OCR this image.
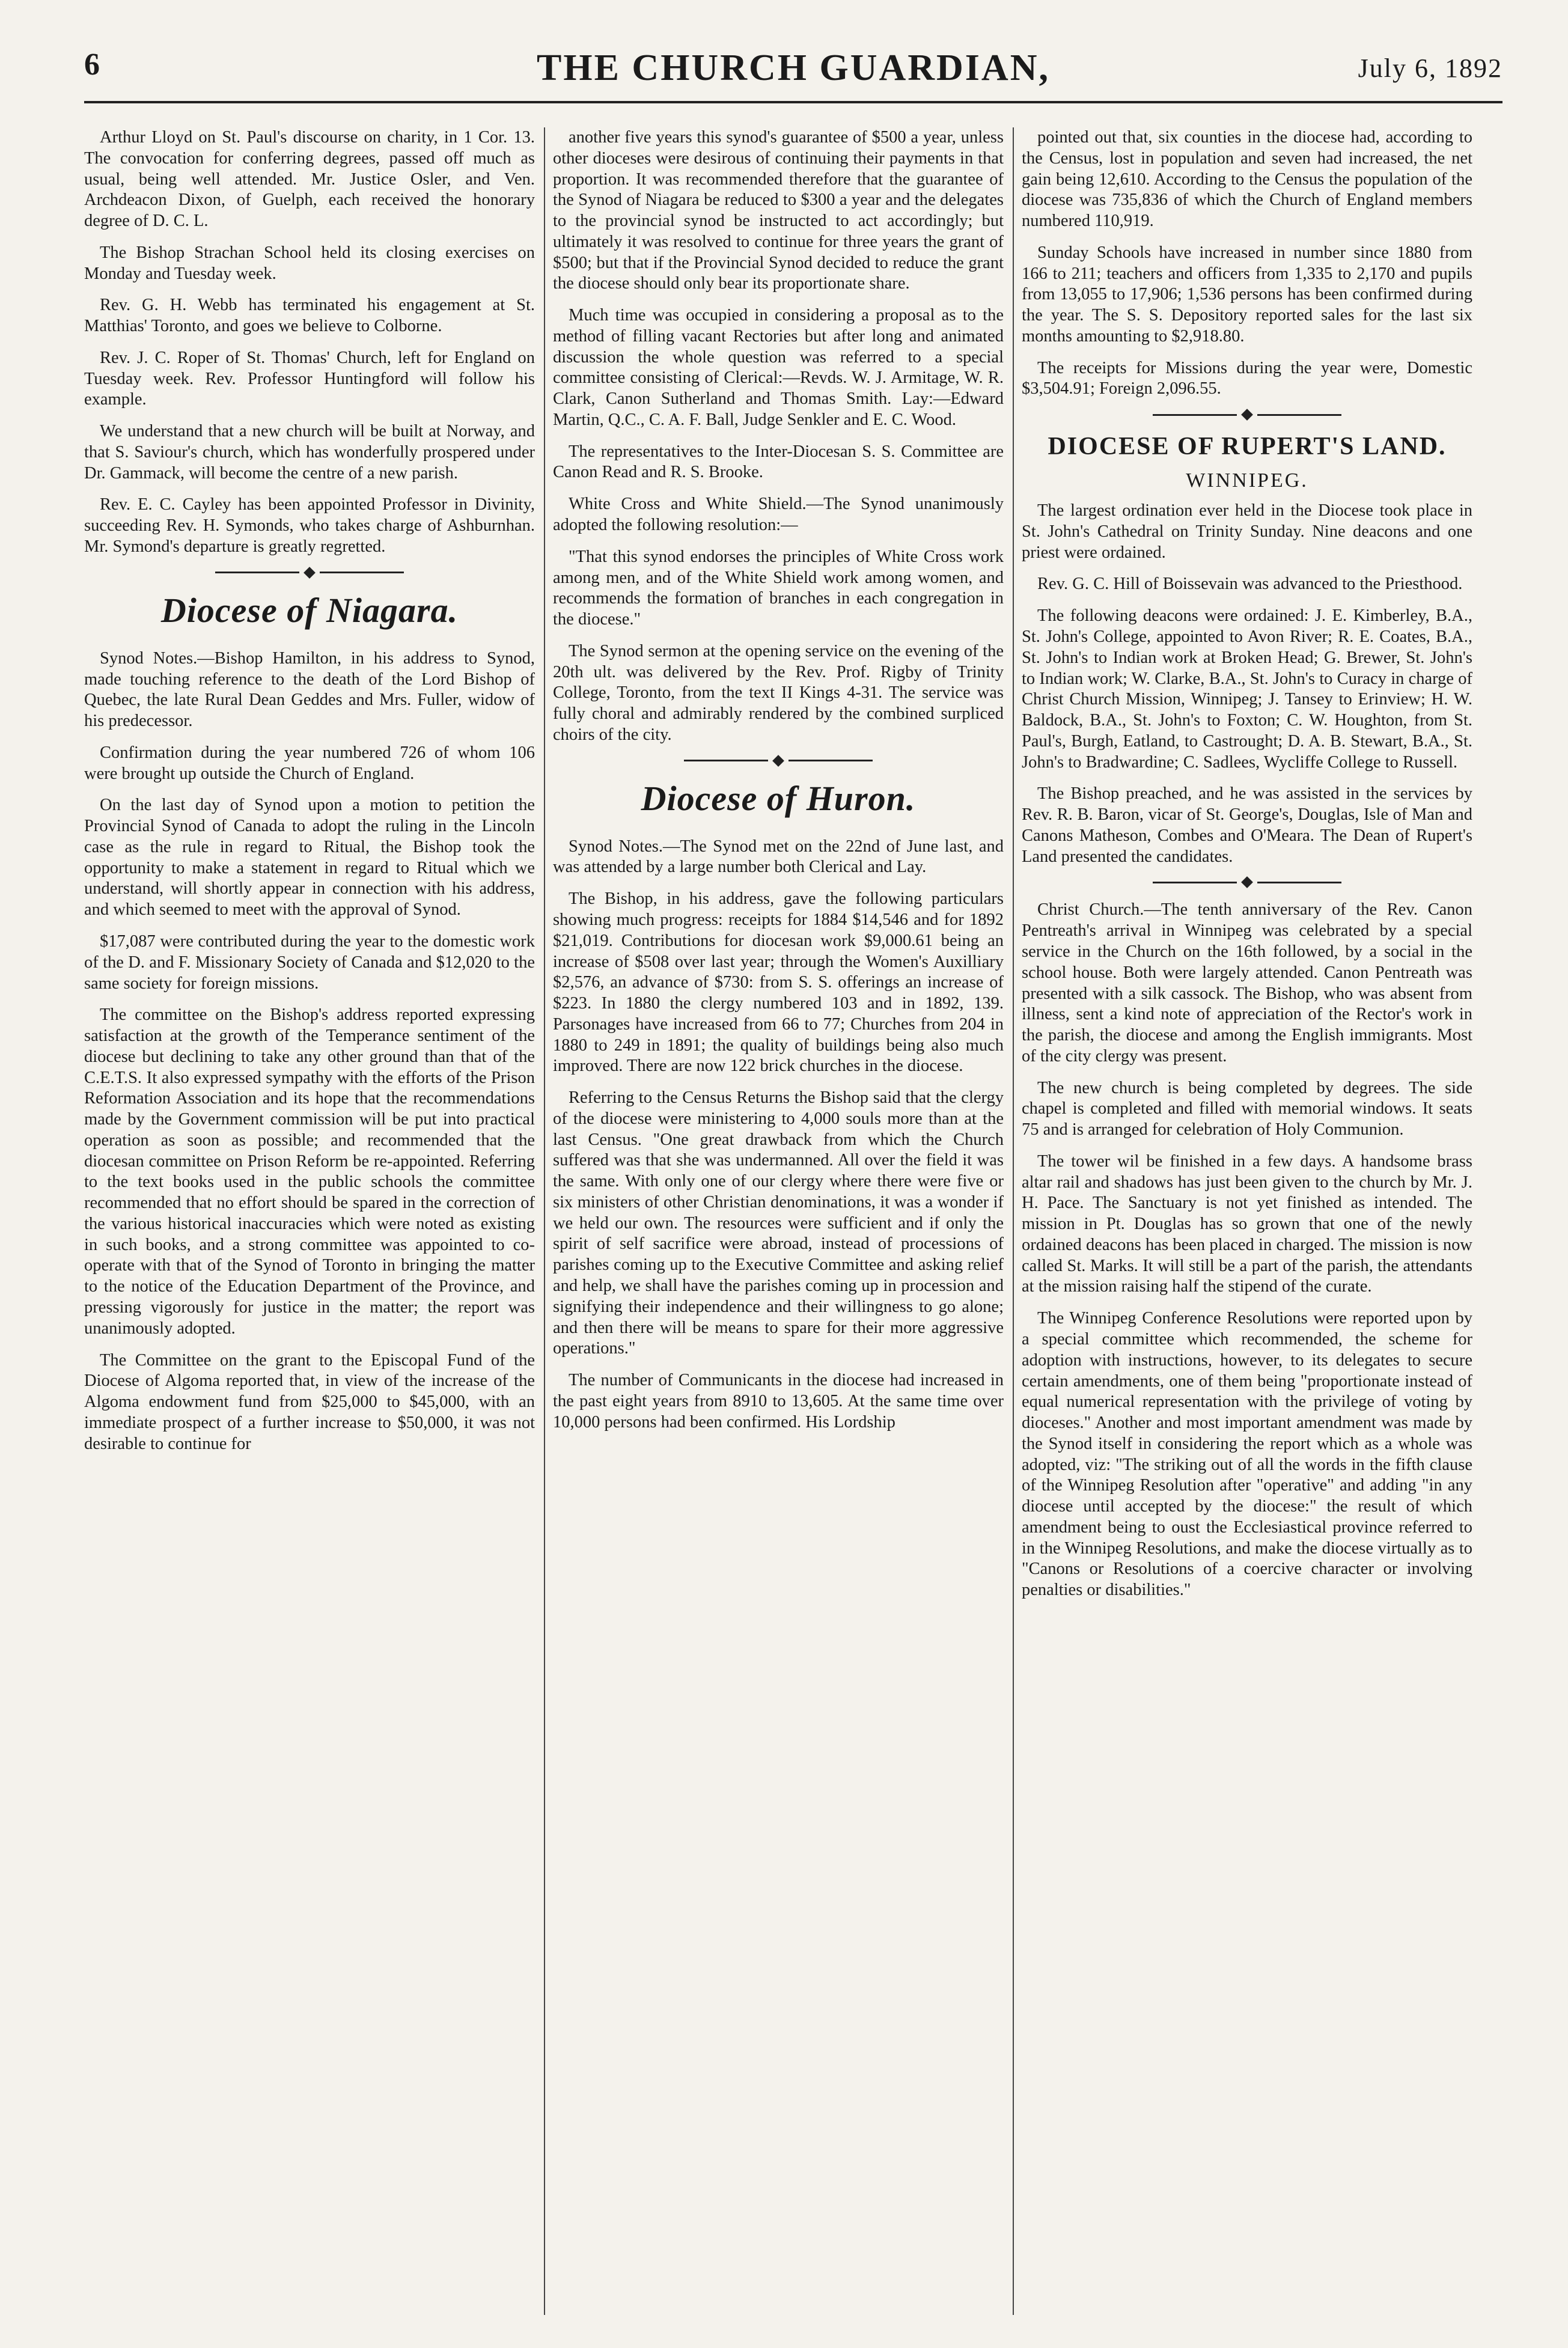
6	THE CHURCH GUARDIAN,	July 6, 1892

Arthur Lloyd on St. Paul's discourse on charity, in 1 Cor. 13. The convocation for conferring degrees, passed off much as usual, being well attended. Mr. Justice Osler, and Ven. Archdeacon Dixon, of Guelph, each received the honorary degree of D. C. L.

The Bishop Strachan School held its closing exercises on Monday and Tuesday week.

Rev. G. H. Webb has terminated his engagement at St. Matthias' Toronto, and goes we believe to Colborne.

Rev. J. C. Roper of St. Thomas' Church, left for England on Tuesday week. Rev. Professor Huntingford will follow his example.

We understand that a new church will be built at Norway, and that S. Saviour's church, which has wonderfully prospered under Dr. Gammack, will become the centre of a new parish.

Rev. E. C. Cayley has been appointed Professor in Divinity, succeeding Rev. H. Symonds, who takes charge of Ashburnhan. Mr. Symond's departure is greatly regretted.

Diocese of Niagara.

Synod Notes.—Bishop Hamilton, in his address to Synod, made touching reference to the death of the Lord Bishop of Quebec, the late Rural Dean Geddes and Mrs. Fuller, widow of his predecessor.

Confirmation during the year numbered 726 of whom 106 were brought up outside the Church of England.

On the last day of Synod upon a motion to petition the Provincial Synod of Canada to adopt the ruling in the Lincoln case as the rule in regard to Ritual, the Bishop took the opportunity to make a statement in regard to Ritual which we understand, will shortly appear in connection with his address, and which seemed to meet with the approval of Synod.

$17,087 were contributed during the year to the domestic work of the D. and F. Missionary Society of Canada and $12,020 to the same society for foreign missions.

The committee on the Bishop's address reported expressing satisfaction at the growth of the Temperance sentiment of the diocese but declining to take any other ground than that of the C.E.T.S. It also expressed sympathy with the efforts of the Prison Reformation Association and its hope that the recommendations made by the Government commission will be put into practical operation as soon as possible; and recommended that the diocesan committee on Prison Reform be re-appointed. Referring to the text books used in the public schools the committee recommended that no effort should be spared in the correction of the various historical inaccuracies which were noted as existing in such books, and a strong committee was appointed to co-operate with that of the Synod of Toronto in bringing the matter to the notice of the Education Department of the Province, and pressing vigorously for justice in the matter; the report was unanimously adopted.

The Committee on the grant to the Episcopal Fund of the Diocese of Algoma reported that, in view of the increase of the Algoma endowment fund from $25,000 to $45,000, with an immediate prospect of a further increase to $50,000, it was not desirable to continue for

another five years this synod's guarantee of $500 a year, unless other dioceses were desirous of continuing their payments in that proportion. It was recommended therefore that the guarantee of the Synod of Niagara be reduced to $300 a year and the delegates to the provincial synod be instructed to act accordingly; but ultimately it was resolved to continue for three years the grant of $500; but that if the Provincial Synod decided to reduce the grant the diocese should only bear its proportionate share.

Much time was occupied in considering a proposal as to the method of filling vacant Rectories but after long and animated discussion the whole question was referred to a special committee consisting of Clerical:—Revds. W. J. Armitage, W. R. Clark, Canon Sutherland and Thomas Smith. Lay:—Edward Martin, Q.C., C. A. F. Ball, Judge Senkler and E. C. Wood.

The representatives to the Inter-Diocesan S. S. Committee are Canon Read and R. S. Brooke.

White Cross and White Shield.—The Synod unanimously adopted the following resolution:—

"That this synod endorses the principles of White Cross work among men, and of the White Shield work among women, and recommends the formation of branches in each congregation in the diocese."

The Synod sermon at the opening service on the evening of the 20th ult. was delivered by the Rev. Prof. Rigby of Trinity College, Toronto, from the text II Kings 4-31. The service was fully choral and admirably rendered by the combined surpliced choirs of the city.

Diocese of Huron.

Synod Notes.—The Synod met on the 22nd of June last, and was attended by a large number both Clerical and Lay.

The Bishop, in his address, gave the following particulars showing much progress: receipts for 1884 $14,546 and for 1892 $21,019. Contributions for diocesan work $9,000.61 being an increase of $508 over last year; through the Women's Auxilliary $2,576, an advance of $730: from S. S. offerings an increase of $223. In 1880 the clergy numbered 103 and in 1892, 139. Parsonages have increased from 66 to 77; Churches from 204 in 1880 to 249 in 1891; the quality of buildings being also much improved. There are now 122 brick churches in the diocese.

Referring to the Census Returns the Bishop said that the clergy of the diocese were ministering to 4,000 souls more than at the last Census. "One great drawback from which the Church suffered was that she was undermanned. All over the field it was the same. With only one of our clergy where there were five or six ministers of other Christian denominations, it was a wonder if we held our own. The resources were sufficient and if only the spirit of self sacrifice were abroad, instead of processions of parishes coming up to the Executive Committee and asking relief and help, we shall have the parishes coming up in procession and signifying their independence and their willingness to go alone; and then there will be means to spare for their more aggressive operations."

The number of Communicants in the diocese had increased in the past eight years from 8910 to 13,605. At the same time over 10,000 persons had been confirmed. His Lordship

pointed out that, six counties in the diocese had, according to the Census, lost in population and seven had increased, the net gain being 12,610. According to the Census the population of the diocese was 735,836 of which the Church of England members numbered 110,919.

Sunday Schools have increased in number since 1880 from 166 to 211; teachers and officers from 1,335 to 2,170 and pupils from 13,055 to 17,906; 1,536 persons has been confirmed during the year. The S. S. Depository reported sales for the last six months amounting to $2,918.80.

The receipts for Missions during the year were, Domestic $3,504.91; Foreign 2,096.55.

DIOCESE OF RUPERT'S LAND.
WINNIPEG.

The largest ordination ever held in the Diocese took place in St. John's Cathedral on Trinity Sunday. Nine deacons and one priest were ordained.

Rev. G. C. Hill of Boissevain was advanced to the Priesthood.

The following deacons were ordained: J. E. Kimberley, B.A., St. John's College, appointed to Avon River; R. E. Coates, B.A., St. John's to Indian work at Broken Head; G. Brewer, St. John's to Indian work; W. Clarke, B.A., St. John's to Curacy in charge of Christ Church Mission, Winnipeg; J. Tansey to Erinview; H. W. Baldock, B.A., St. John's to Foxton; C. W. Houghton, from St. Paul's, Burgh, Eatland, to Castrought; D. A. B. Stewart, B.A., St. John's to Bradwardine; C. Sadlees, Wycliffe College to Russell.

The Bishop preached, and he was assisted in the services by Rev. R. B. Baron, vicar of St. George's, Douglas, Isle of Man and Canons Matheson, Combes and O'Meara. The Dean of Rupert's Land presented the candidates.

Christ Church.—The tenth anniversary of the Rev. Canon Pentreath's arrival in Winnipeg was celebrated by a special service in the Church on the 16th followed, by a social in the school house. Both were largely attended. Canon Pentreath was presented with a silk cassock. The Bishop, who was absent from illness, sent a kind note of appreciation of the Rector's work in the parish, the diocese and among the English immigrants. Most of the city clergy was present.

The new church is being completed by degrees. The side chapel is completed and filled with memorial windows. It seats 75 and is arranged for celebration of Holy Communion.

The tower wil be finished in a few days. A handsome brass altar rail and shadows has just been given to the church by Mr. J. H. Pace. The Sanctuary is not yet finished as intended. The mission in Pt. Douglas has so grown that one of the newly ordained deacons has been placed in charged. The mission is now called St. Marks. It will still be a part of the parish, the attendants at the mission raising half the stipend of the curate.

The Winnipeg Conference Resolutions were reported upon by a special committee which recommended, the scheme for adoption with instructions, however, to its delegates to secure certain amendments, one of them being "proportionate instead of equal numerical representation with the privilege of voting by dioceses." Another and most important amendment was made by the Synod itself in considering the report which as a whole was adopted, viz: "The striking out of all the words in the fifth clause of the Winnipeg Resolution after "operative" and adding "in any diocese until accepted by the diocese:" the result of which amendment being to oust the Ecclesiastical province referred to in the Winnipeg Resolutions, and make the diocese virtually as to "Canons or Resolutions of a coercive character or involving penalties or disabilities."
